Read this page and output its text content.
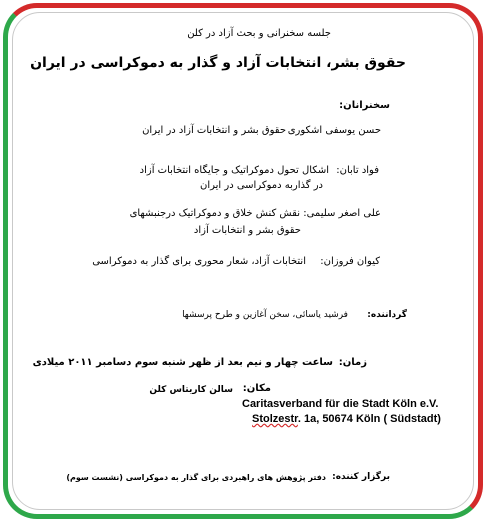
جلسه سخنرانی و بحث آزاد در کلن
حقوق بشر، انتخابات آزاد و گذار به دموکراسی در ایران
سخنرانان:
حسن یوسفی اشکوری
حقوق بشر و انتخابات آزاد در ایران
فواد تابان:
اشکال تحول دموکراتیک و جایگاه انتخابات آزاد
در گذاربه دموکراسی در ایران
علی اصغر سلیمی:
نقش کنش خلاق و دموکراتیک درجنبشهای
حقوق بشر و انتخابات آزاد
کیوان فروزان:
انتخابات آزاد، شعار محوری برای گذار به دموکراسی
گرداننده:
فرشید یاسائی، سخن آغازین و طرح پرسشها
زمان:
ساعت چهار و نیم بعد از ظهر شنبه سوم دسامبر ۲۰۱۱ میلادی
مکان:
سالن کاریتاس کلن
Caritasverband für die Stadt Köln e.V.
Stolzestr. 1a, 50674 Köln ( Südstadt)
برگزار کننده:
دفتر پژوهش های راهبردی برای گذار به دموکراسی (نشست سوم)
